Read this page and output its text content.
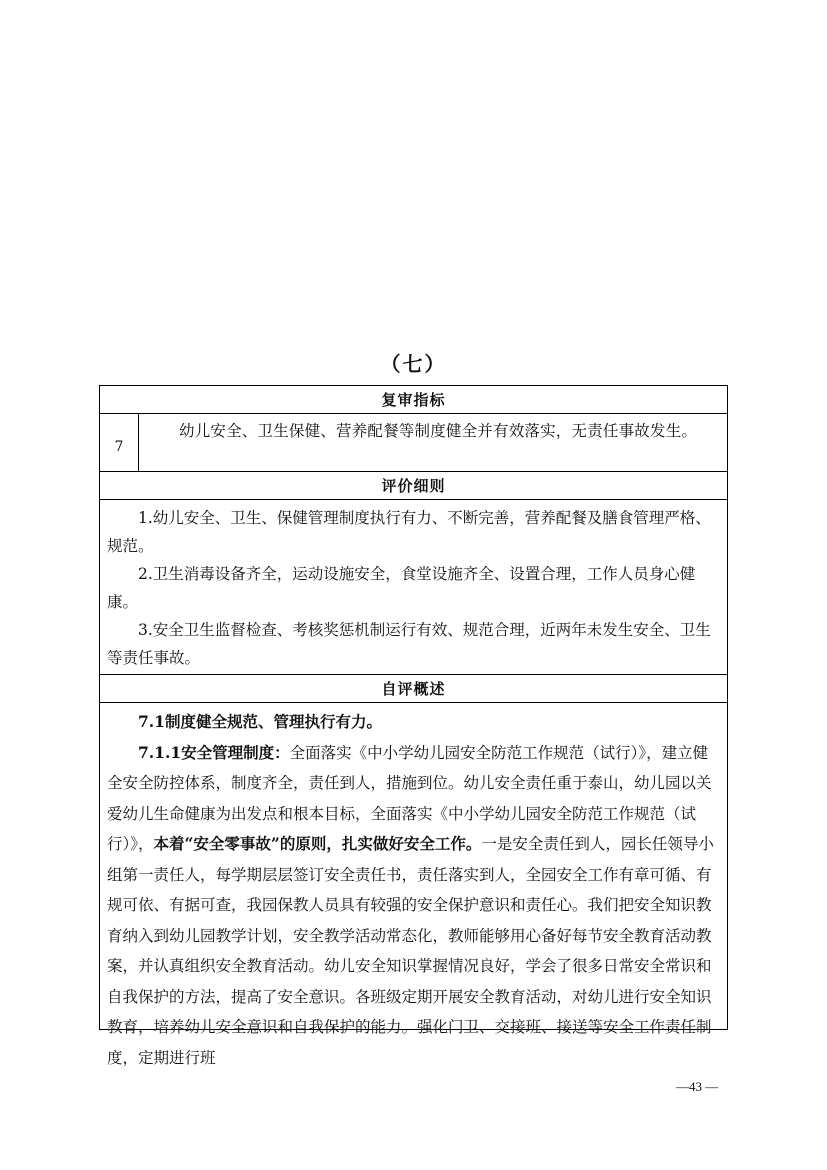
（七）
复审指标
7
幼儿安全、卫生保健、营养配餐等制度健全并有效落实，无责任事故发生。
评价细则

1.幼儿安全、卫生、保健管理制度执行有力、不断完善，营养配餐及膳食管理严格、规范。

2.卫生消毒设备齐全，运动设施安全，食堂设施齐全、设置合理，工作人员身心健康。

3.安全卫生监督检查、考核奖惩机制运行有效、规范合理，近两年未发生安全、卫生等责任事故。

自评概述

7.1制度健全规范、管理执行有力。

7.1.1安全管理制度：全面落实《中小学幼儿园安全防范工作规范（试行）》，建立健全安全防控体系，制度齐全，责任到人，措施到位。幼儿安全责任重于泰山，幼儿园以关爱幼儿生命健康为出发点和根本目标，全面落实《中小学幼儿园安全防范工作规范（试行）》，本着“安全零事故”的原则，扎实做好安全工作。一是安全责任到人，园长任领导小组第一责任人，每学期层层签订安全责任书，责任落实到人，全园安全工作有章可循、有规可依、有据可查，我园保教人员具有较强的安全保护意识和责任心。我们把安全知识教育纳入到幼儿园教学计划，安全教学活动常态化，教师能够用心备好每节安全教育活动教案，并认真组织安全教育活动。幼儿安全知识掌握情况良好，学会了很多日常安全常识和自我保护的方法，提高了安全意识。各班级定期开展安全教育活动，对幼儿进行安全知识教育，培养幼儿安全意识和自我保护的能力。强化门卫、交接班、接送等安全工作责任制度，定期进行班

—43 —
